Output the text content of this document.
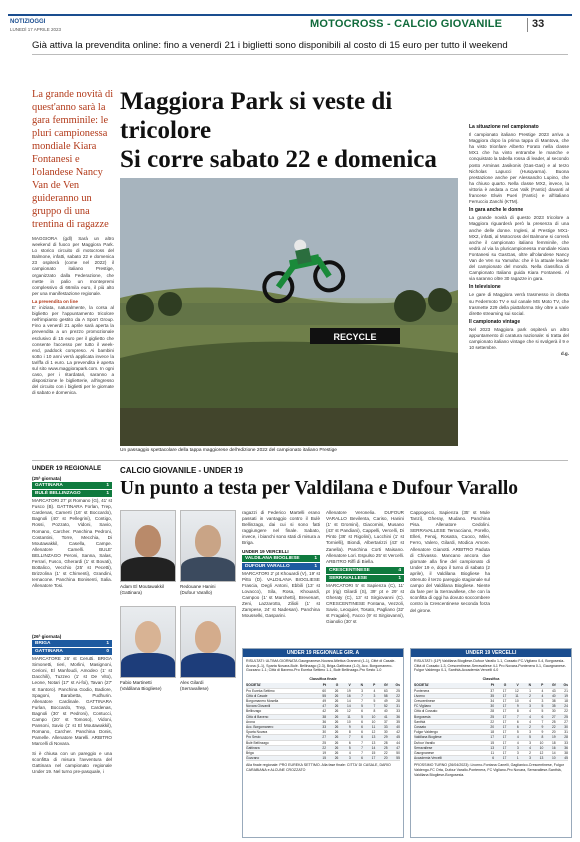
NOTIZIOGGI
LUNEDÌ 17 APRILE 2023	MOTOCROSS - CALCIO GIOVANILE	33
Già attiva la prevendita online: fino a venerdì 21 i biglietti sono disponibili al costo di 15 euro per tutto il weekend
La grande novità di quest'anno sarà la gara femminile: le pluri campionessa mondiale Kiara Fontanesi e l'olandese Nancy Van de Ven guideranno un gruppo di una trentina di ragazze
Maggiora Park si veste di tricolore
Si corre sabato 22 e domenica

MAGGIORA (gdl) Sarà un altro weekend di fuoco per Maggiora Park. Lo storico circuito di motocross del Balmone, infatti, sabato 22 e domenica 23 ospiterà (come nel 2022) il campionato italiano Prestige, organizzato dalla Federazione, che mette in palio un montepremi complessivo di 66mila euro, il più alto per una manifestazione regionale.

La prevendita on line

E' iniziata, naturalmente, la corsa al biglietto per l'appuntamento tricolore nell'impianto gestito da A Sport Group. Fino a venerdì 21 aprile sarà aperta la prevendita a un prezzo promozionale esclusivo di 15 euro per il giglietto che consente l'accesso per tutto il week-end, paddock compreso. Ai bambini sotto i 10 anni verrà applicata invece la tariffa di 1 euro. La prevendita è aperta sul sito www.maggiorapark.com. In ogni caso, per i ritardatari, saranno a disposizione le biglietterie, all'ingresso del circuito con i biglietti per le giornate di sabato e domenica.

RECYCLE
Un passaggio spettacolare della tappa maggiorese dell'edizione 2022 del campionato italiano Prestige
La situazione nel campionato

Il campionato italiano Prestige 2023 arriva a Maggiora dopo la prima tappa di Mantova, che ha visto trionfare Alberto Forato nella classe MX1 che ha vinto entrambe le manche e conquistato la tabella rossa di leader, al secondo posto Arminas Jasikonis (Gas-Gas) e al terzo Nicholas Lapucci (Husqvarna). Buona prestazione anche per Alessandro Lupino, che ha chiuso quarto. Nella classe MX2, invece, la vittoria è andata a Cas Valk (Fantic) davanti al francese Elwin Pueri (Fantic) e all'italiano Ferruccio Zanchi (KTM).

In gara anche le donne

La grande novità di questo 2023 tricolore a Maggiora riguarderà però la presenza di una anche delle donne. Inglesi, al Prestige MX1-MX2, infatti, al Motocross del Balmone si correrà anche il campionato italiano femminile, che vedrà al via la pluricampionessa mondiale Kiara Fontanesi su GasGas, oltre all'olandese Nancy Van de Ven su Yamaha: che è la attuale leader del campionato del mondo. Nella classifica di Campionato Italiano guida Kiara Fontanesi. Al via saranno oltre 30 ragazze in gara.

In televisione

Le gare di Maggiora verrà trasmesso in diretta su Federmoto TV e sul canale MS Moto TV, che trasmette 229 della piattaforma Sky oltre a varie dirette streaming sui social.

Il campionato vintage

Nel 2023 Maggiora park ospiterà un altro appuntamento di caratura nazionale: si tratta del campionato italiano vintage che si svolgerà il 9 e 10 settembre.

d.g.

UNDER 19 REGIONALE
(25ª giornata)
GATTINARA	1
BULÈ BELLINZAGO	1
MARCATORI 27' pt Romano (G), 41' st Fusco (B). GATTINARA Forlan, Trep, Cardenas, Camerti (16' st Boccardo), Bagnoli (40' st Pellegrini), Contigo, Rossi, Pozzato, Vidoni, Savio, Romano, Carcher. Panchina Pedroni, Costantini, Torre, Mecchia, Di Moutawakkil, Casella, Campe. Allenatore Camelli. BULE' BELLINZAGO Peroni, Sanna, Salas, Ferrari, Fusco, Gherardi (1' st Bovati), Bottalico, Vecchio (25' st Pecetti), Brizzolina (1' st Chimenti), Grandini, Iemacone. Panchina Bonisenti, Salia. Allenatore Tosi.
(26ª giornata)
BRIGA	1
GATTINARA	0
MARCATORE 26' st Cerutti. BRIGA Simonetti, Iieri, Morlini, Masignoni, Cerioni, El Manfoudi, Amodeo (1' st Dacchili), Tuzzeo (1' st De Vito), Leone, Notari (17' st Ai-foi), Tavan (27' st Santoro). Panchina Godio, Badiore, Spagoni, Barabetta, Pudhurin. Allenatore Cardinale. GATTINARA Furlan, Boccardo, Trep, Cardenas, Bagnoli (30' st Pedroni), Contucci, Campo (20' st Tomoso), Vidoni, Pansoni, Savio (1' st El Moutawakkil), Romano, Carcher. Panchina Donis, Pamelle. Allenatore Marelli. ARBITRO Marcelli di Novara.
Si è chiusa con un pareggio e una sconfitta di misura l'avventura del Gattinara nel campionato regionale Under 19. Nel turno pre-pasquale, i
CALCIO GIOVANILE - UNDER 19
Un punto a testa per Valdilana e Dufour Varallo
Adam El Moutawakkil
(Gattinara)
Redouane Hanini
(Dufour Varallo)
Fabio Martinetti
(Valdilana Biogliese)
Alex Gilardi
(Serravallese)
ragazzi di Federico Martelli erano passati in vantaggio contro il Bulè Bellinzago, dai cui si sono fatti raggiungere nel finale. Sabato, invece, i bianchi sono stati di misura a Briga.
UNDER 19 VERCELLI
VALDILANA BIOGLIESE	1
DUFOUR VARALLO	1
MARCATORI 2' pt Khouardi (V), 19' st Pitto (D). VALDILANA BIOGLIESE Frascia, Degli Antoni, Ebbili (13' st Lovacco), Sila, Rosa, Khouardi, Campoo (1' st Marchetti), Brevenart, Zeni, Lazzarotto, Zilioli (1' st Zampese, 24' st Nadesan). Panchina Mousselki, Gasparini.
Allenatore Veronelia. DUFOUR VARALLO Bevilenta, Cariso, Hanini (1' st Gromini), Giacomini, Musano (43' st Pandiani), Cappelli, Vercelli, Di Pinto (36' st Rigolini), Lucchini (1' st Tornielli), Biondi, Albertarizzi (43' st Zanella). Panchina Corti Maisano. Allenatore Lori. Espulso 25' st Vercelli. ARBITRO Riffi di Biella.
CRESCENTINESE	4
SERRAVALLESE	1
MARCATORI 5' st Sapienza (C), 11' pt (rig) Gilardi (S), 39' pt e 29' st Gheraty (C), 13' st Sirgiovanni (C). CRESCENTINESE Fontana, Vezzoli, Savio, Leoquier, Tosato, Pagliano (32' st Fragalei), Facco (9' st Sirgiovanni), Gianolio (30' st
Cappogecci, Sapienza (35' st Mule Tanzi), Gheray, Mudano. Panchina Pisa. Allenatore Cedolini. SERRAVALLESE Terracciano, Porello, Elleri, Fenoj, Rosatra, Cuoco, Milei, Ferro, Valero, Gilardi, Modica Amore. Allenatore Gianotti. ARBITRO Paduta di Chivasso. Mancano ancora due giornate alla fine del campionato di Under 19 e, dopo il turno di sabato (2 aprile), il Valdilana Biogliese ha ottenuto il terzo pareggio stagionale sul campo del Valdilana Biogliese. Niente da fare per la Serravallese, che con la sconfitta di oggi ha dovuto soccombere contro la Crescentinese seconda forza del girone.
UNDER 19 REGIONALE GIR. A
RISULTATI: ULTIMA GIORNATA Gaurgnanese-Novara Atletica Granerol (1-1), Cittè di Casale-Arona (1-1), Sparta Novara-Bulé. Bellinzago (2-3), Briga-Gattinara (1-0), Acc. Borgomanero-Gozzano 1-1; Città di Baveno-Pro Eureka Settimo 1-1, Bulé Bellinzago-Pro Sesto 1-0
Classifica finale
SOCIETA'	Pt	G	V	N	P	Gf	Gs
Pro Eureka Settimo	60	26	19	3	4	63	25
Città di Casale	55	26	16	7	3	58	22
Borgomanero Mosella	49	26	14	7	5	49	28
Novara Giovanili	47	26	14	5	7	52	31
Bellinzago	42	26	12	6	8	40	33
Città di Baveno	38	26	11	5	10	41	36
Arona	36	26	10	6	10	37	35
Acc. Borgomanero	33	26	9	6	11	33	40
Sparta Novara	30	26	8	6	12	30	42
Pro Sesto	27	26	7	6	13	29	45
Bulé Bellinzago	25	26	6	7	13	28	44
Gattinara	22	26	5	7	14	25	47
Briga	19	26	4	7	15	22	50
Gozzano	15	26	3	6	17	20	55
Alla finale regionale: PRO EUREKA SETTIMO. Alla fase finale: CITTA' DI CASALE, DARIO CARABIANA e ALCUNE CROZZATO
UNDER 19 VERCELLI
RISULTATI: (11ª) Valdilana Biogliese-Dufour Varallo 1-1, Cossato FC-Vigliano 0-4, Borgosesia-Città di Cossato 1-3, Crescentinese-Serravallese 4-1 Pro Novara-Pontenera 0-1, Gaurgnanese-Fulgor Valdengo 0-1, Santhià-Accademia Vercelli 4-0
Classifica
SOCIETA'	Pt	G	V	N	P	Gf	Gs
Pontenera	37	17	12	1	4	43	21
Livorno	35	17	11	2	4	40	19
Crescentinese	34	17	10	4	3	38	18
FC Vigliano	30	17	9	3	5	35	24
Città di Cossato	28	17	8	4	5	30	22
Borgosesia	25	17	7	4	6	27	25
Santhià	22	17	6	4	7	25	27
Cossato	20	17	6	2	9	22	30
Fulgor Valdengo	18	17	5	3	9	20	31
Valdilana Biogliese	17	17	4	5	8	19	28
Dufour Varallo	15	17	4	3	10	18	33
Serravallese	13	17	3	4	10	16	36
Gaurgnanese	11	17	3	2	12	14	38
Accademia Vercelli	6	17	1	3	13	10	45
PROSSIMO TURNO (26/04/2023): Livorno-Fontana Canelli, Gaglianico-Crescentinese, Fulgor Valdengo-FC Orta, Dufour Varallo-Pontenera, FC Vigliano-Pro Novara, Serravallese-Santhià, Valdilana Biogliese-Borgosesia.
